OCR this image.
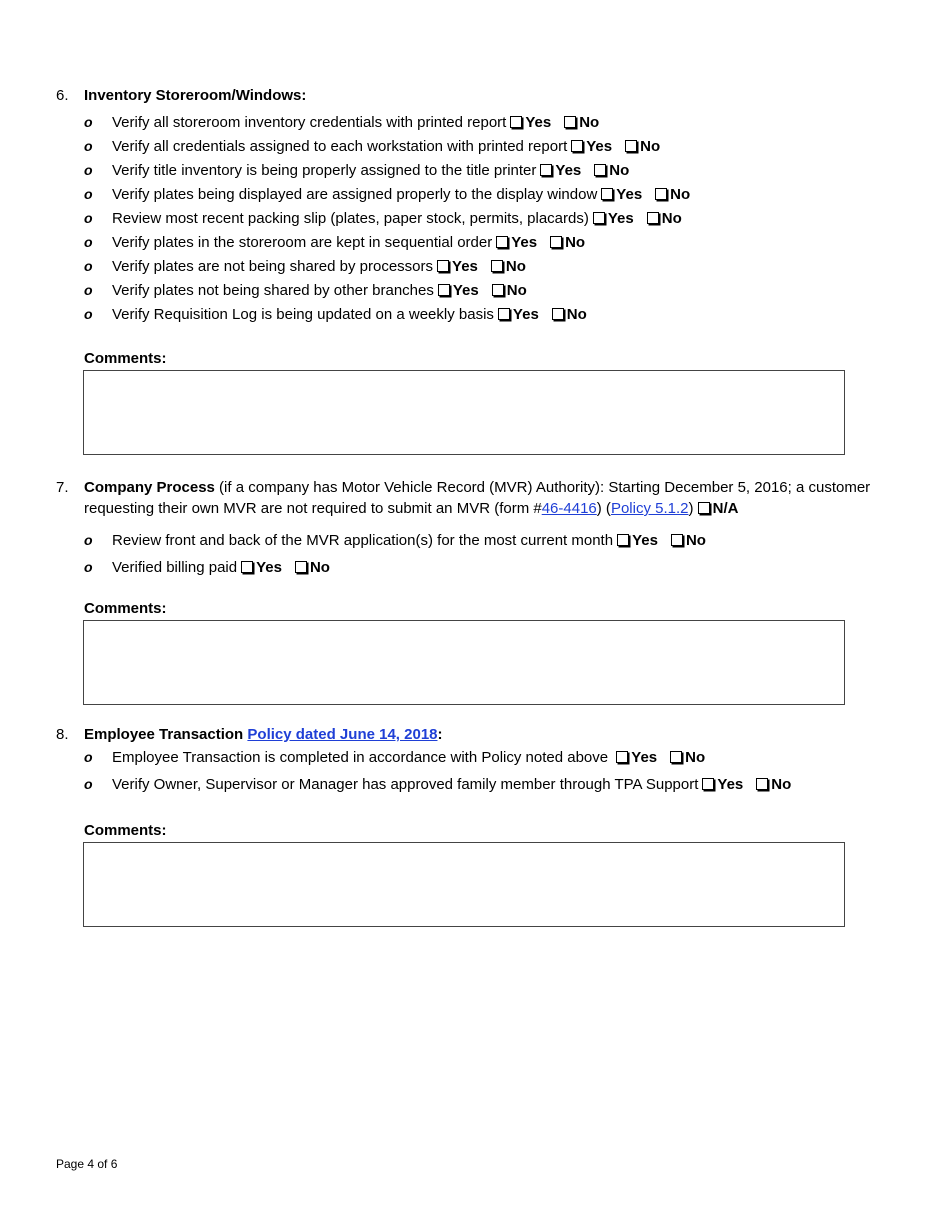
6. Inventory Storeroom/Windows:
o Verify all storeroom inventory credentials with printed report Yes No
o Verify all credentials assigned to each workstation with printed report Yes No
o Verify title inventory is being properly assigned to the title printer Yes No
o Verify plates being displayed are assigned properly to the display window Yes No
o Review most recent packing slip (plates, paper stock, permits, placards) Yes No
o Verify plates in the storeroom are kept in sequential order Yes No
o Verify plates are not being shared by processors Yes No
o Verify plates not being shared by other branches Yes No
o Verify Requisition Log is being updated on a weekly basis Yes No
Comments:
7. Company Process (if a company has Motor Vehicle Record (MVR) Authority): Starting December 5, 2016; a customer requesting their own MVR are not required to submit an MVR (form #46-4416) (Policy 5.1.2) N/A
o Review front and back of the MVR application(s) for the most current month Yes No
o Verified billing paid Yes No
Comments:
8. Employee Transaction Policy dated June 14, 2018:
o Employee Transaction is completed in accordance with Policy noted above Yes No
o Verify Owner, Supervisor or Manager has approved family member through TPA Support Yes No
Comments:
Page 4 of 6
